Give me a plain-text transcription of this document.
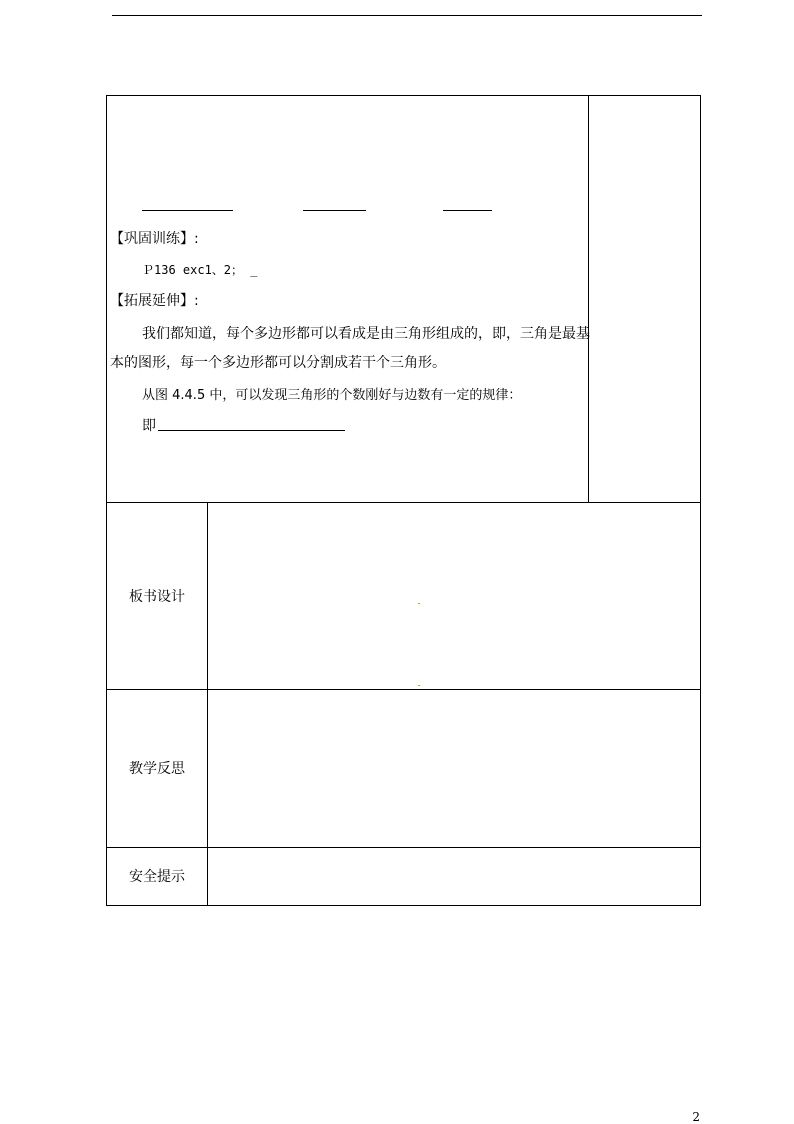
【巩固训练】:
Ｐ136 exc1、2； _
【拓展延伸】:
我们都知道，每个多边形都可以看成是由三角形组成的，即，三角是最基
本的图形，每一个多边形都可以分割成若干个三角形。
从图 4.4.5 中，可以发现三角形的个数刚好与边数有一定的规律：
即
板书设计
教学反思
安全提示
2
